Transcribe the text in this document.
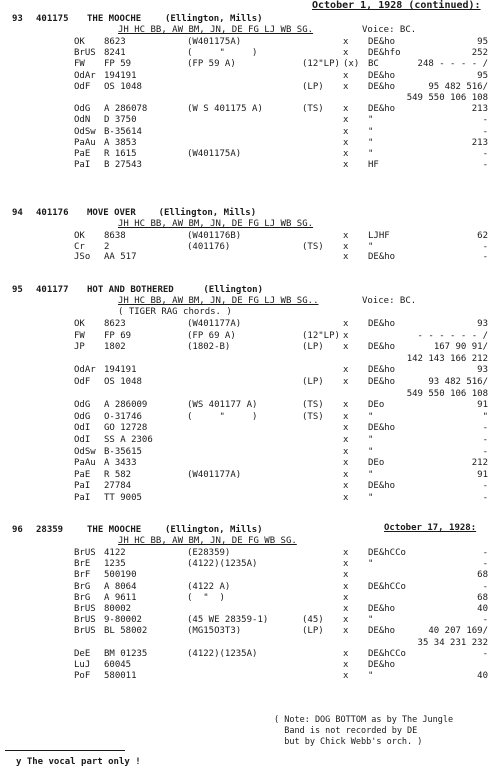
October 1, 1928 (continued):
93 401175 THE MOOCHE	(Ellington, Mills)
JH HC BB, AW BM, JN, DE FG LJ WB SG.	Voice: BC.
OK 8623	(W401175A)	x DE&ho	95
BrUS 8241	(     "     )	x DE&hfo	252
FW FP 59	(FP 59 A)	(12"LP) (x) BC	248 - - - - /
OdAr 194191	x DE&ho	95
OdF OS 1048	(LP) x DE&ho	95 482 516/
549 550 106 108
OdG A 286078	(W S 401175 A)	(TS) x DE&ho	213
OdN D 3750	x "	-
OdSw B-35614	x "	-
PaAu A 3853	x "	213
PaE R 1615	(W401175A)	x "	-
PaI B 27543	x HF	-
94 401176 MOVE OVER	(Ellington, Mills)
JH HC BB, AW BM, JN, DE FG LJ WB SG.
OK 8638	(W401176B)	x LJHF	62
Cr 2	(401176)	(TS) x "	-
JSo AA 517	x DE&ho	-
95 401177 HOT AND BOTHERED	(Ellington)
JH HC BB, AW BM, JN, DE FG LJ WB SG..	Voice: BC.
( TIGER RAG chords. )
OK 8623	(W401177A)	x DE&ho	93
FW FP 69	(FP 69 A)	(12"LP) x	- - - - - - /
JP 1802	(1802-B)	(LP) x DE&ho	167 90 91/
142 143 166 212
OdAr 194191	x DE&ho	93
OdF OS 1048	(LP) x DE&ho	93 482 516/
549 550 106 108
OdG A 286009	(WS 401177 A)	(TS) x DEo	91
OdG O-31746	(     "     )	(TS) x "	"
OdI GO 12728	x DE&ho	-
OdI SS A 2306	x "	-
OdSw B-35615	x "	-
PaAu A 3433	x DEo	212
PaE R 582	(W401177A)	x "	91
PaI 27784	x DE&ho	-
PaI TT 9005	x "	-
96 28359	THE MOOCHE	(Ellington, Mills)	October 17, 1928:
JH HC BB, AW BM, JN, DE FG WB SG.
BrUS 4122	(E28359)	x DE&hCCo	-
BrE 1235	(4122)(1235A)	x "	-
BrF 500190	x	68
BrG A 8064	(4122 A)	x DE&hCCo	-
BrG A 9611	(  "  )	x	68
BrUS 80002	x DE&ho	40
BrUS 9-80002	(45 WE 28359-1)	(45) x "	-
BrUS BL 58002	(MG15O3T3)	(LP) x DE&ho	40 207 169/
35 34 231 232
DeE BM 01235	(4122)(1235A)	x DE&hCCo	-
LuJ 60045	x DE&ho
PoF 580011	x "	40
( Note: DOG BOTTOM as by The Jungle
Band is not recorded by DE
but by Chick Webb's orch. )
y The vocal part only !
